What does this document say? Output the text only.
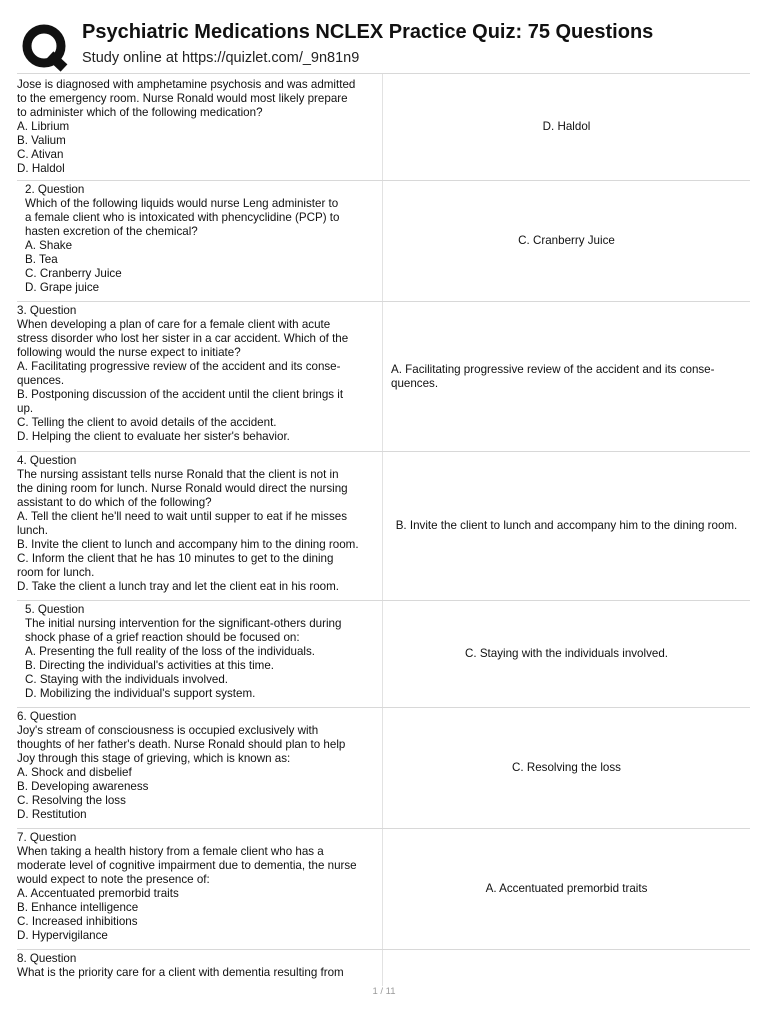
Psychiatric Medications NCLEX Practice Quiz: 75 Questions
Study online at https://quizlet.com/_9n81n9
Jose is diagnosed with amphetamine psychosis and was admitted
to the emergency room. Nurse Ronald would most likely prepare
to administer which of the following medication?
A. Librium
B. Valium
C. Ativan
D. Haldol
D. Haldol
2. Question
Which of the following liquids would nurse Leng administer to
a female client who is intoxicated with phencyclidine (PCP) to
hasten excretion of the chemical?
A. Shake
B. Tea
C. Cranberry Juice
D. Grape juice
C. Cranberry Juice
3. Question
When developing a plan of care for a female client with acute
stress disorder who lost her sister in a car accident. Which of the
following would the nurse expect to initiate?
A. Facilitating progressive review of the accident and its conse-
quences.
B. Postponing discussion of the accident until the client brings it
up.
C. Telling the client to avoid details of the accident.
D. Helping the client to evaluate her sister's behavior.
A. Facilitating progressive review of the accident and its conse-
quences.
4. Question
The nursing assistant tells nurse Ronald that the client is not in
the dining room for lunch. Nurse Ronald would direct the nursing
assistant to do which of the following?
A. Tell the client he'll need to wait until supper to eat if he misses
lunch.
B. Invite the client to lunch and accompany him to the dining room.
C. Inform the client that he has 10 minutes to get to the dining
room for lunch.
D. Take the client a lunch tray and let the client eat in his room.
B. Invite the client to lunch and accompany him to the dining room.
5. Question
The initial nursing intervention for the significant-others during
shock phase of a grief reaction should be focused on:
A. Presenting the full reality of the loss of the individuals.
B. Directing the individual's activities at this time.
C. Staying with the individuals involved.
D. Mobilizing the individual's support system.
C. Staying with the individuals involved.
6. Question
Joy's stream of consciousness is occupied exclusively with
thoughts of her father's death. Nurse Ronald should plan to help
Joy through this stage of grieving, which is known as:
A. Shock and disbelief
B. Developing awareness
C. Resolving the loss
D. Restitution
C. Resolving the loss
7. Question
When taking a health history from a female client who has a
moderate level of cognitive impairment due to dementia, the nurse
would expect to note the presence of:
A. Accentuated premorbid traits
B. Enhance intelligence
C. Increased inhibitions
D. Hypervigilance
A. Accentuated premorbid traits
8. Question
What is the priority care for a client with dementia resulting from
1 / 11
